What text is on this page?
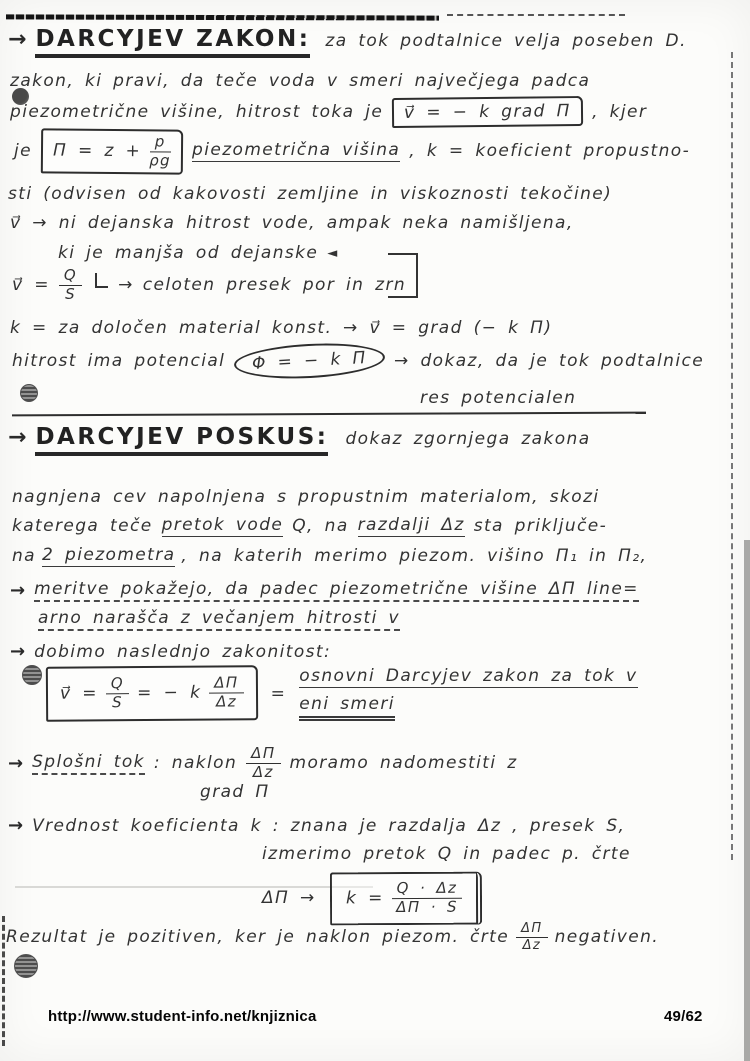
→ DARCYJEV ZAKON: za tok podtalnice velja poseben D.
zakon, ki pravi, da teče voda v smeri največjega padca
piezometrične višine, hitrost toka je v⃗ = − k grad Π , kjer
je $\Pi = z + \frac{p}{\rho g}$ piezometrična višina , k = koeficient propustno-
sti (odvisen od kakovosti zemljine in viskoznosti tekočine)
v⃗ → ni dejanska hitrost vode, ampak neka namišljena,
ki je manjša od dejanske ◄
v⃗ = $\frac{Q}{S}$ → celoten presek por in zrn
k = za določen material konst. → v⃗ = grad (− k Π)
hitrost ima potencial Φ = − k Π → dokaz, da je tok podtalnice
res potencialen
→ DARCYJEV POSKUS: dokaz zgornjega zakona
nagnjena cev napolnjena s propustnim materialom, skozi
katerega teče pretok vode Q, na razdalji Δz sta priključe-
na 2 piezometra , na katerih merimo piezom. višino Π₁ in Π₂,
→ meritve pokažejo, da padec piezometrične višine ΔΠ line=
arno narašča z večanjem hitrosti v
→ dobimo naslednjo zakonitost:
v⃗ = $\frac{Q}{S}$ = − k $\frac{\Delta\Pi}{\Delta z}$ =
osnovni Darcyjev zakon za tok v
eni smeri
→ Splošni tok : naklon $\frac{\Delta\Pi}{\Delta z}$ moramo nadomestiti z
grad Π
→ Vrednost koeficienta k : znana je razdalja Δz , presek S,
izmerimo pretok Q in padec p. črte
$\Delta\Pi \to k = \frac{Q \cdot \Delta z}{\Delta\Pi \cdot S}$
Rezultat je pozitiven, ker je naklon piezom. črte $\frac{\Delta\Pi}{\Delta z}$ negativen.
http://www.student-info.net/knjiznica	49/62
